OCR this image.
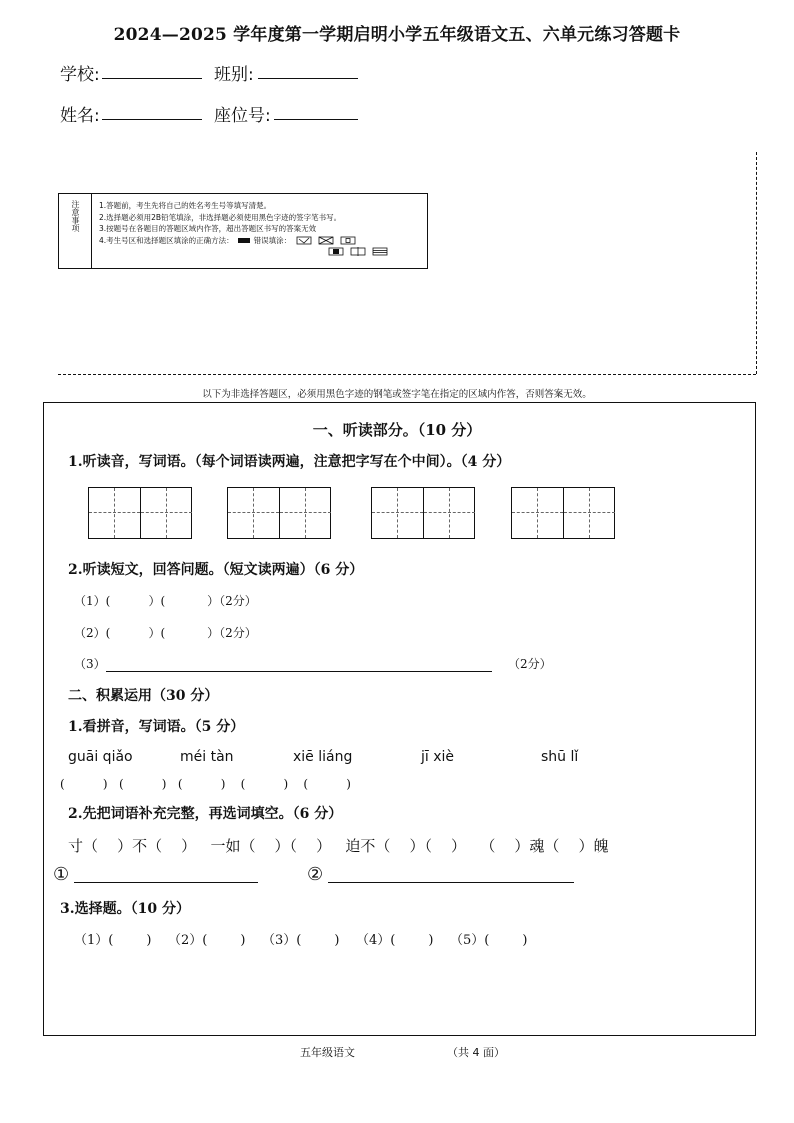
2024—2025 学年度第一学期启明小学五年级语文五、六单元练习答题卡
学校:	班别:
姓名:	座位号:
注意事项	1.答题前，考生先将自己的姓名考生号等填写清楚。
2.选择题必须用2B铅笔填涂，非选择题必须使用黑色字迹的签字笔书写。
3.按题号在各题目的答题区域内作答，超出答题区书写的答案无效
4.考生号区和选择题区填涂的正确方法：	错误填涂：
以下为非选择答题区，必须用黑色字迹的钢笔或签字笔在指定的区域内作答，否则答案无效。
一、听读部分。（10 分）
1.听读音，写词语。（每个词语读两遍，注意把字写在个中间）。（4 分）
2.听读短文，回答问题。（短文读两遍）（6 分）
（1）(          ）(           ）（2分）
（2）(          ）(           ）（2分）
（3）	（2分）
二、积累运用（30 分）
1.看拼音，写词语。（5 分）
guāi qiǎo	méi tàn	xiē liáng	jī xiè	shū lǐ
(          )   (          )   (          )    (          )    (          )
2.先把词语补充完整，再选词填空。（6 分）
寸（    ）不（    ）   一如（    ）（    ）   迫不（    ）（    ）   （    ）魂（    ）魄
①	②
3.选择题。（10 分）
（1）(        )    （2）(        )    （3）(        )    （4）(        )    （5）(        )
五年级语文	（共 4 面）
